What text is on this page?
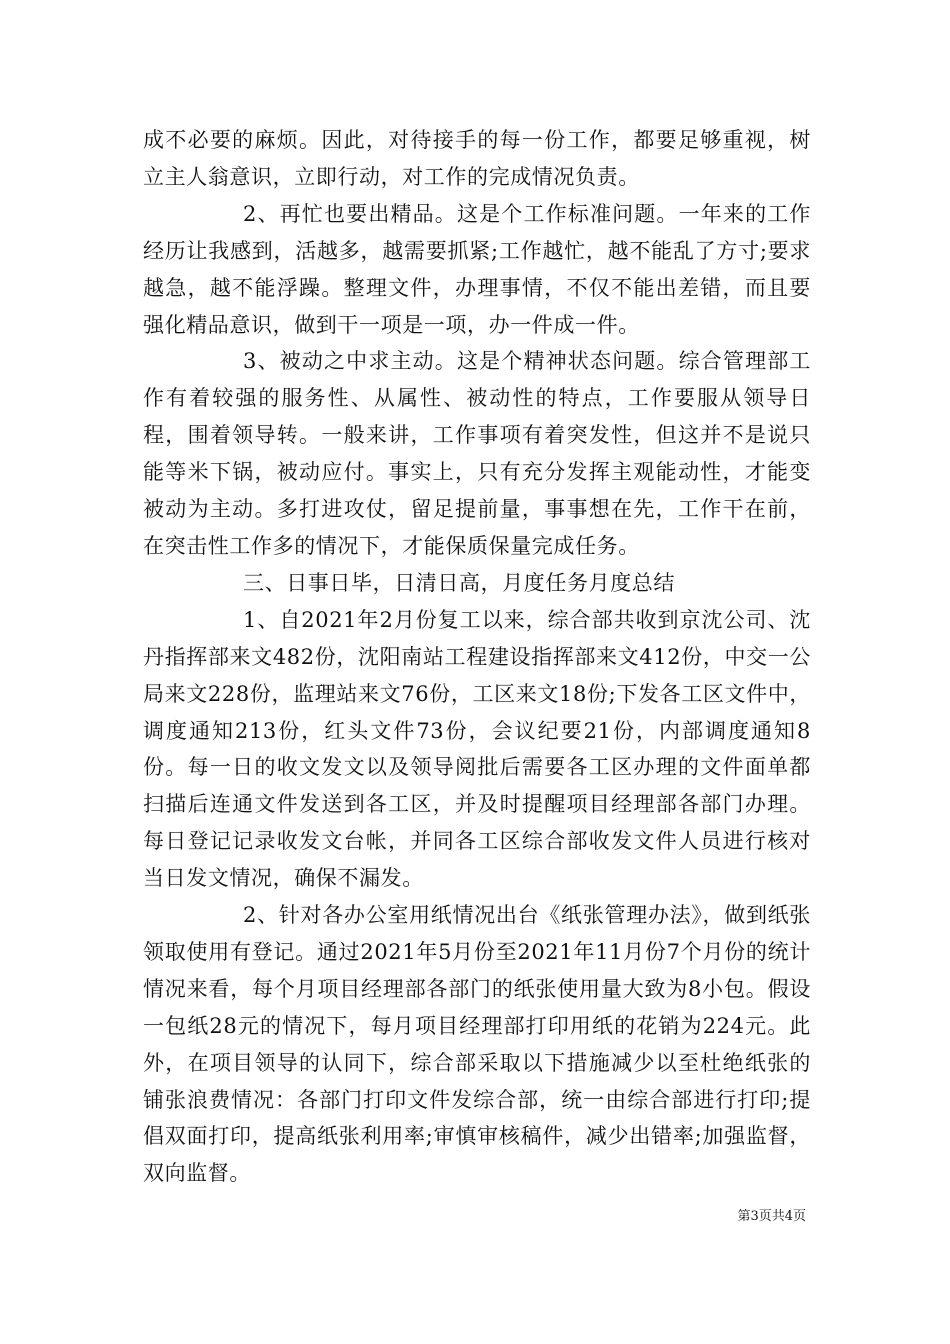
成不必要的麻烦。因此，对待接手的每一份工作，都要足够重视，树立主人翁意识，立即行动，对工作的完成情况负责。

2、再忙也要出精品。这是个工作标准问题。一年来的工作经历让我感到，活越多，越需要抓紧;工作越忙，越不能乱了方寸;要求越急，越不能浮躁。整理文件，办理事情，不仅不能出差错，而且要强化精品意识，做到干一项是一项，办一件成一件。

3、被动之中求主动。这是个精神状态问题。综合管理部工作有着较强的服务性、从属性、被动性的特点，工作要服从领导日程，围着领导转。一般来讲，工作事项有着突发性，但这并不是说只能等米下锅，被动应付。事实上，只有充分发挥主观能动性，才能变被动为主动。多打进攻仗，留足提前量，事事想在先，工作干在前，在突击性工作多的情况下，才能保质保量完成任务。

三、日事日毕，日清日高，月度任务月度总结

1、自2021年2月份复工以来，综合部共收到京沈公司、沈丹指挥部来文482份，沈阳南站工程建设指挥部来文412份，中交一公局来文228份，监理站来文76份，工区来文18份;下发各工区文件中，调度通知213份，红头文件73份，会议纪要21份，内部调度通知8份。每一日的收文发文以及领导阅批后需要各工区办理的文件面单都扫描后连通文件发送到各工区，并及时提醒项目经理部各部门办理。每日登记记录收发文台帐，并同各工区综合部收发文件人员进行核对当日发文情况，确保不漏发。

2、针对各办公室用纸情况出台《纸张管理办法》，做到纸张领取使用有登记。通过2021年5月份至2021年11月份7个月份的统计情况来看，每个月项目经理部各部门的纸张使用量大致为8小包。假设一包纸28元的情况下，每月项目经理部打印用纸的花销为224元。此外，在项目领导的认同下，综合部采取以下措施减少以至杜绝纸张的铺张浪费情况：各部门打印文件发综合部，统一由综合部进行打印;提倡双面打印，提高纸张利用率;审慎审核稿件，减少出错率;加强监督，双向监督。

第3页共4页
